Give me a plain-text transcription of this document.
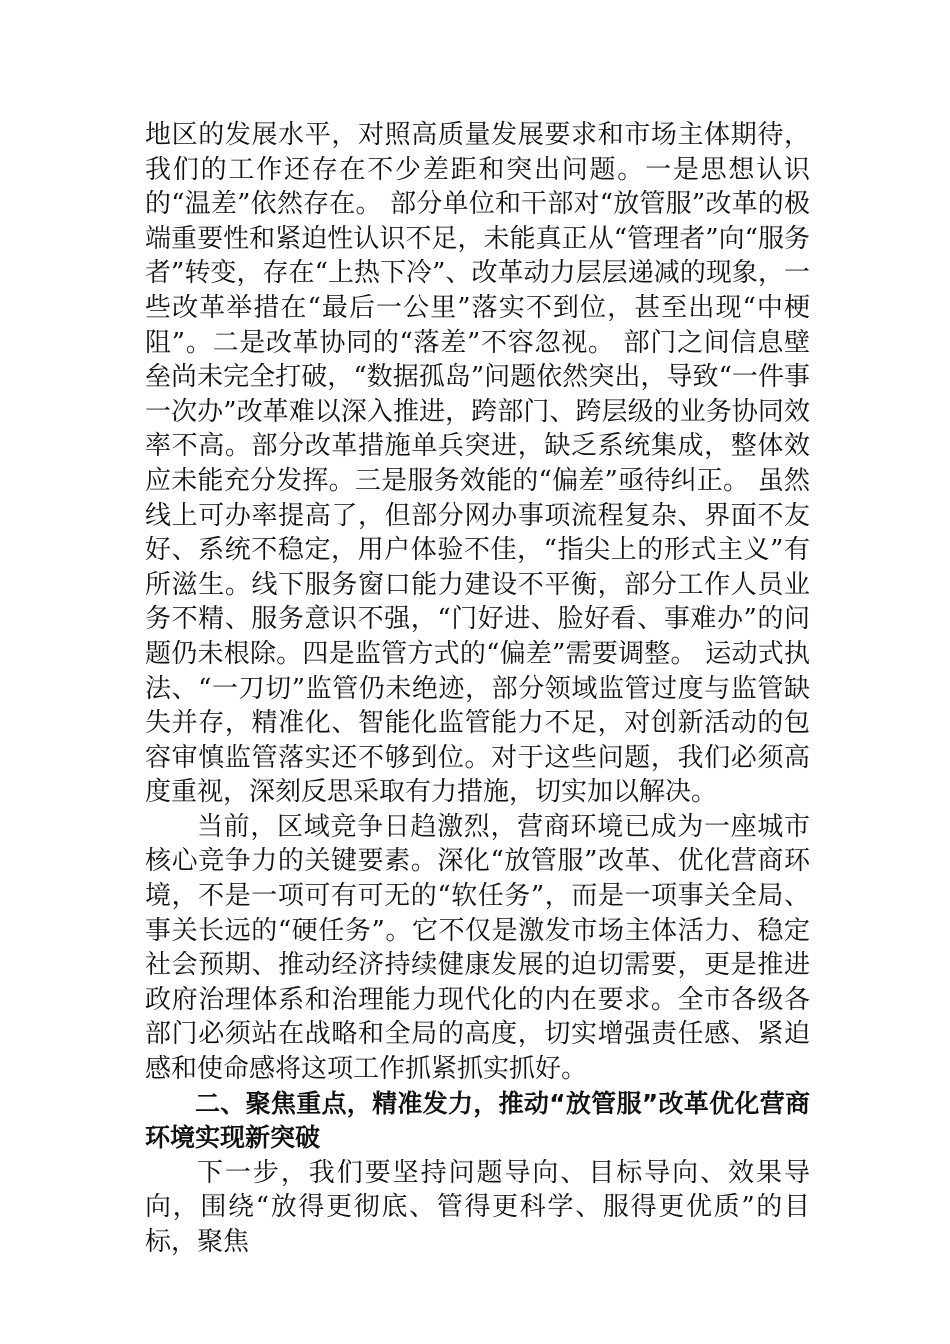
地区的发展水平，对照高质量发展要求和市场主体期待，我们的工作还存在不少差距和突出问题。一是思想认识的“温差”依然存在。 部分单位和干部对“放管服”改革的极端重要性和紧迫性认识不足，未能真正从“管理者”向“服务者”转变，存在“上热下冷”、改革动力层层递减的现象，一些改革举措在“最后一公里”落实不到位，甚至出现“中梗阻”。二是改革协同的“落差”不容忽视。 部门之间信息壁垒尚未完全打破，“数据孤岛”问题依然突出，导致“一件事一次办”改革难以深入推进，跨部门、跨层级的业务协同效率不高。部分改革措施单兵突进，缺乏系统集成，整体效应未能充分发挥。三是服务效能的“偏差”亟待纠正。 虽然线上可办率提高了，但部分网办事项流程复杂、界面不友好、系统不稳定，用户体验不佳，“指尖上的形式主义”有所滋生。线下服务窗口能力建设不平衡，部分工作人员业务不精、服务意识不强，“门好进、脸好看、事难办”的问题仍未根除。四是监管方式的“偏差”需要调整。 运动式执法、“一刀切”监管仍未绝迹，部分领域监管过度与监管缺失并存，精准化、智能化监管能力不足，对创新活动的包容审慎监管落实还不够到位。对于这些问题，我们必须高度重视，深刻反思采取有力措施，切实加以解决。

当前，区域竞争日趋激烈，营商环境已成为一座城市核心竞争力的关键要素。深化“放管服”改革、优化营商环境，不是一项可有可无的“软任务”，而是一项事关全局、事关长远的“硬任务”。它不仅是激发市场主体活力、稳定社会预期、推动经济持续健康发展的迫切需要，更是推进政府治理体系和治理能力现代化的内在要求。全市各级各部门必须站在战略和全局的高度，切实增强责任感、紧迫感和使命感将这项工作抓紧抓实抓好。

二、聚焦重点，精准发力，推动“放管服”改革优化营商环境实现新突破

下一步，我们要坚持问题导向、目标导向、效果导向，围绕“放得更彻底、管得更科学、服得更优质”的目标，聚焦
